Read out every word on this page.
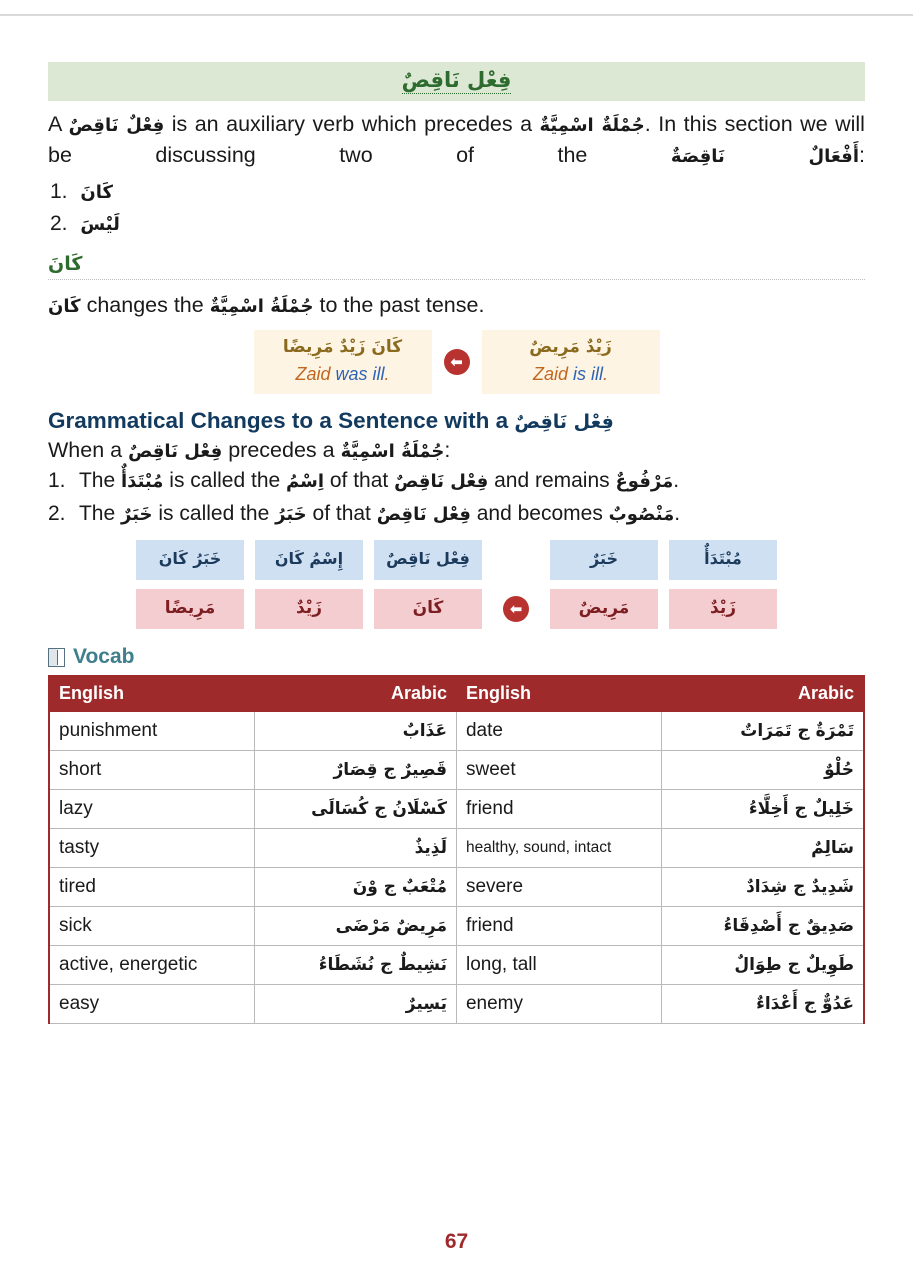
فِعْل نَاقِصٌ
A فِعْلٌ نَاقِصٌ is an auxiliary verb which precedes a جُمْلَةٌ اسْمِيَّةٌ. In this section we will be discussing two of the	أَفْعَالٌ نَاقِصَةٌ:
1. كَانَ
2. لَيْسَ
كَانَ
كَانَ changes the جُمْلَةُ اسْمِيَّةٌ to the past tense.
كَانَ زَيْدٌ مَرِيضًا
Zaid was ill.
⬅
زَيْدٌ مَرِيضٌ
Zaid is ill.
Grammatical Changes to a Sentence with a فِعْل نَاقِصٌ
When a فِعْل نَاقِصٌ precedes a جُمْلَةُ اسْمِيَّةٌ:
1. The مُبْتَدَأٌ is called the اِسْمُ of that فِعْل نَاقِصٌ and remains مَرْفُوعٌ.
2. The خَبَرٌ is called the خَبَرُ of that فِعْل نَاقِصٌ and becomes مَنْصُوبٌ.
خَبَرُ كَانَ	إِسْمُ كَانَ	فِعْل نَاقِصٌ	خَبَرٌ	مُبْتَدَأٌ
مَرِيضًا	زَيْدٌ	كَانَ	⬅	مَرِيضٌ	زَيْدٌ
Vocab
English	Arabic	English	Arabic
punishment	عَذَابٌ	date	تَمْرَةٌ ج تَمَرَاتٌ
short	قَصِيرٌ ج قِصَارٌ	sweet	حُلْوٌ
lazy	كَسْلَانُ ج كُسَالَى	friend	خَلِيلٌ ج أَخِلَّاءُ
tasty	لَذِيذٌ	healthy, sound, intact	سَالِمٌ
tired	مُتْعَبٌ ج وْنَ	severe	شَدِيدٌ ج شِدَادٌ
sick	مَرِيضٌ مَرْضَى	friend	صَدِيقٌ ج أَصْدِقَاءُ
active, energetic	نَشِيطٌ ج نُشَطَاءُ	long, tall	طَوِيلٌ ج طِوَالٌ
easy	يَسِيرٌ	enemy	عَدُوٌّ ج أَعْدَاءٌ
67
